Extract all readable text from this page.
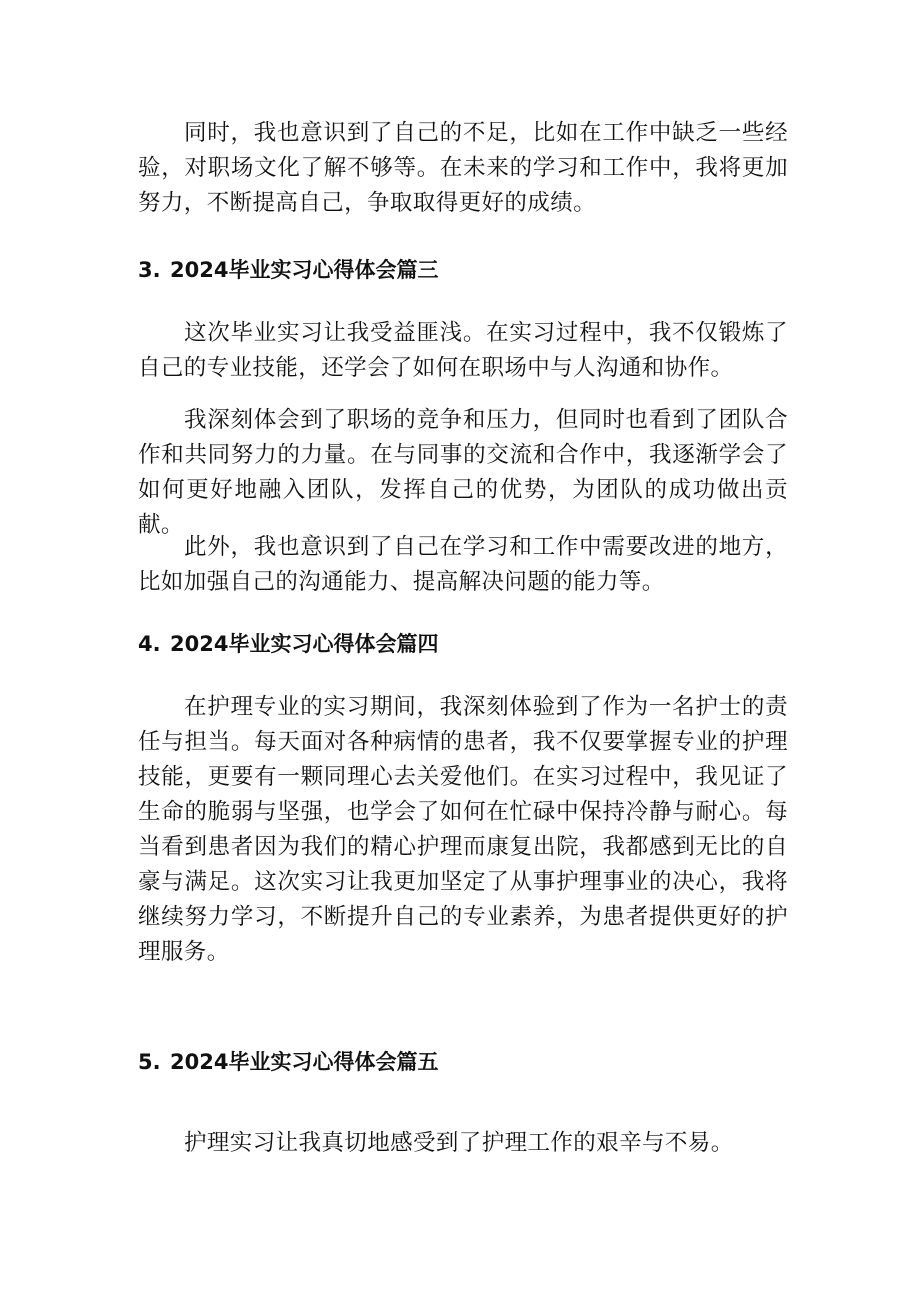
同时，我也意识到了自己的不足，比如在工作中缺乏一些经验，对职场文化了解不够等。在未来的学习和工作中，我将更加努力，不断提高自己，争取取得更好的成绩。

3. 2024毕业实习心得体会篇三

这次毕业实习让我受益匪浅。在实习过程中，我不仅锻炼了自己的专业技能，还学会了如何在职场中与人沟通和协作。

我深刻体会到了职场的竞争和压力，但同时也看到了团队合作和共同努力的力量。在与同事的交流和合作中，我逐渐学会了如何更好地融入团队，发挥自己的优势，为团队的成功做出贡献。

此外，我也意识到了自己在学习和工作中需要改进的地方，比如加强自己的沟通能力、提高解决问题的能力等。

4. 2024毕业实习心得体会篇四

在护理专业的实习期间，我深刻体验到了作为一名护士的责任与担当。每天面对各种病情的患者，我不仅要掌握专业的护理技能，更要有一颗同理心去关爱他们。在实习过程中，我见证了生命的脆弱与坚强，也学会了如何在忙碌中保持冷静与耐心。每当看到患者因为我们的精心护理而康复出院，我都感到无比的自豪与满足。这次实习让我更加坚定了从事护理事业的决心，我将继续努力学习，不断提升自己的专业素养，为患者提供更好的护理服务。

5. 2024毕业实习心得体会篇五

护理实习让我真切地感受到了护理工作的艰辛与不易。
